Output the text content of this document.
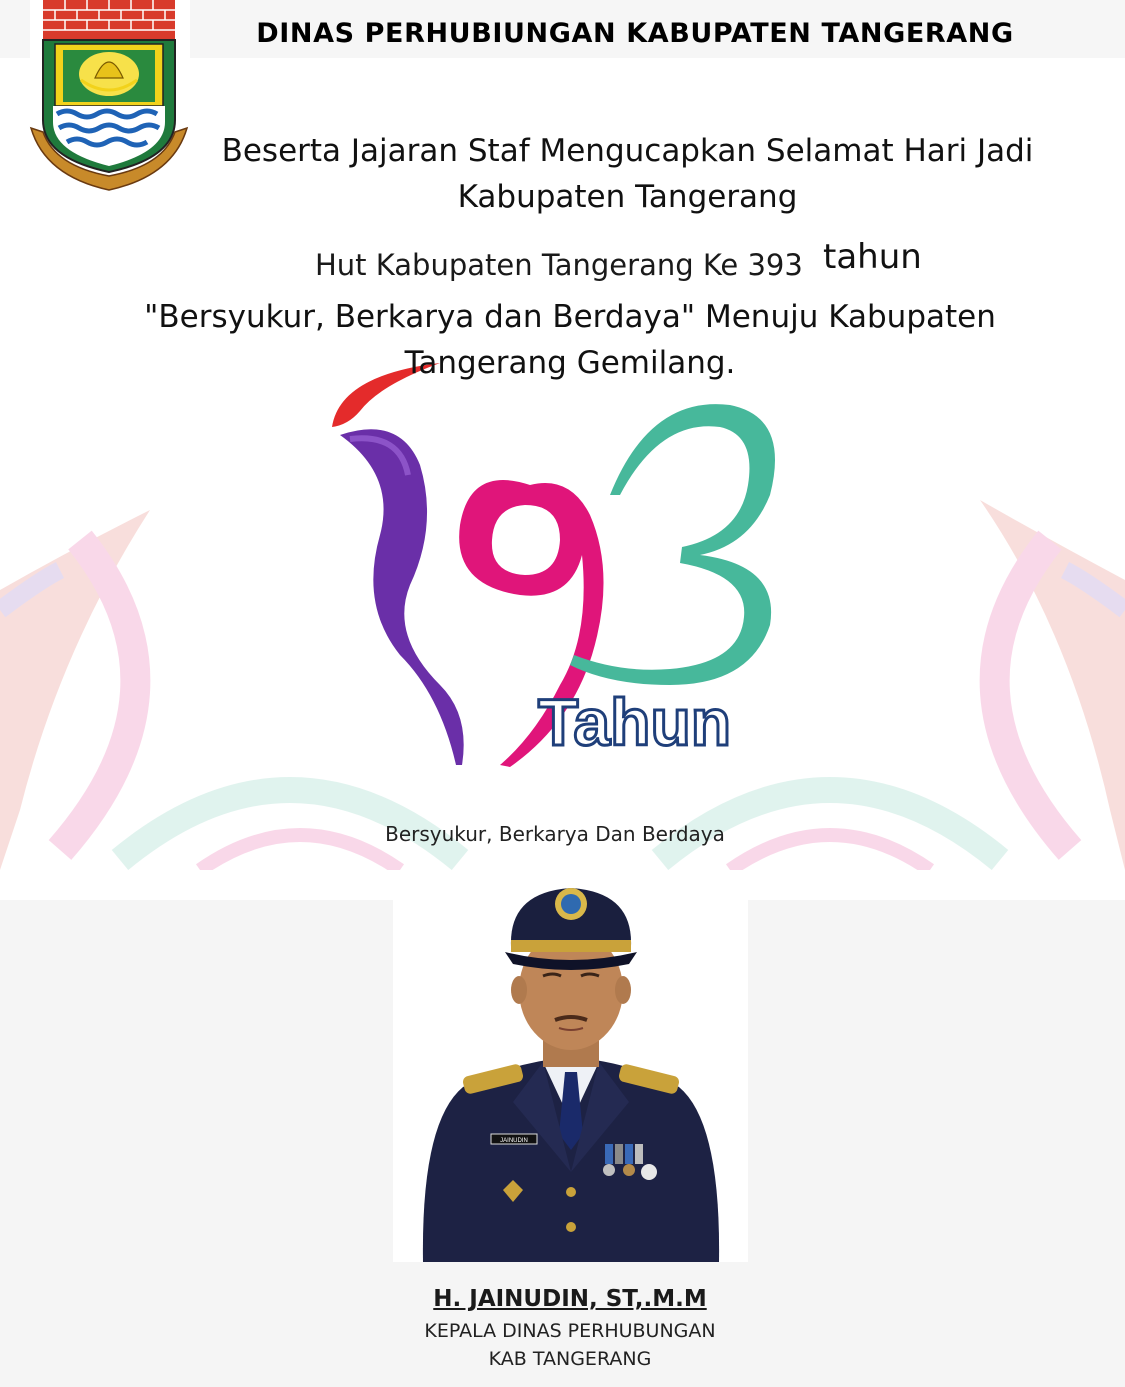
DINAS PERHUBIUNGAN KABUPATEN TANGERANG
Beserta Jajaran Staf Mengucapkan Selamat Hari Jadi
Kabupaten Tangerang
Hut Kabupaten Tangerang Ke 393 tahun
Tahun
"Bersyukur, Berkarya dan Berdaya" Menuju Kabupaten
Tangerang Gemilang.
Bersyukur, Berkarya Dan Berdaya
JAINUDIN
H. JAINUDIN, ST,.M.M
KEPALA DINAS PERHUBUNGAN
KAB TANGERANG
